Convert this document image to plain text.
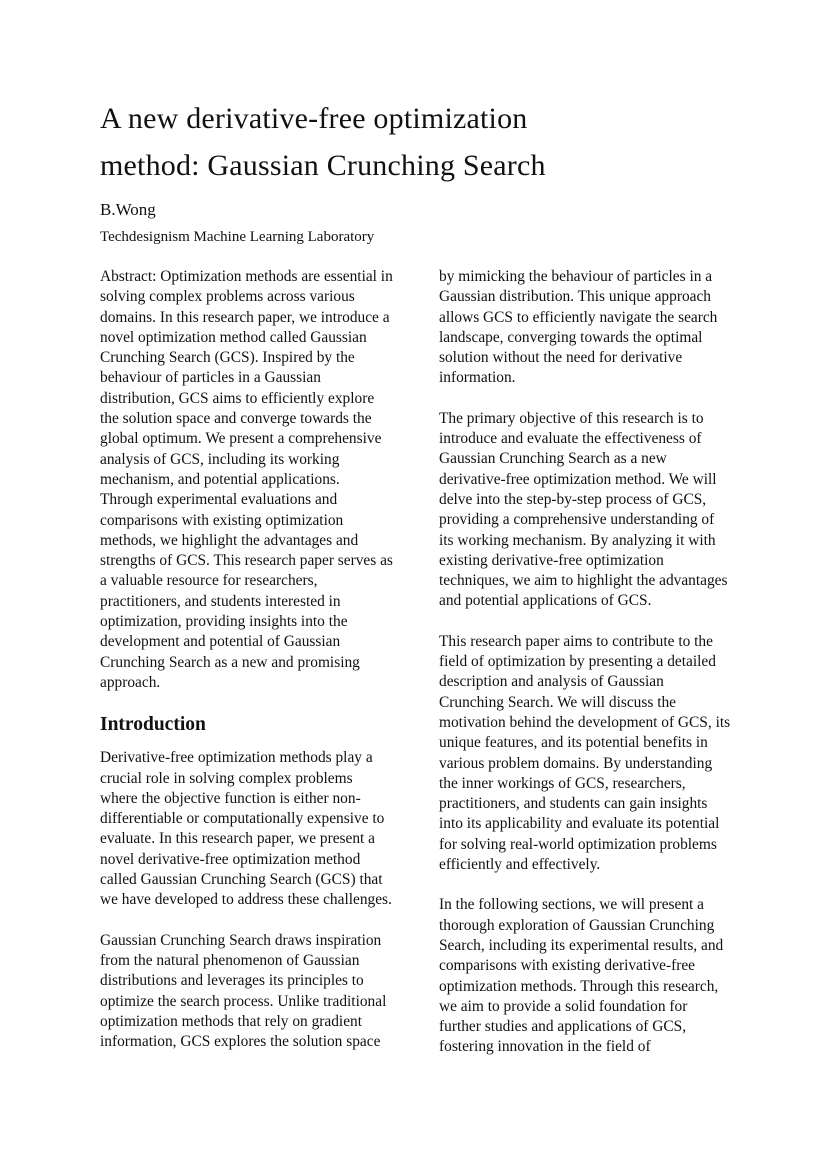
A new derivative-free optimization
method: Gaussian Crunching Search
B.Wong
Techdesignism Machine Learning Laboratory

Abstract: Optimization methods are essential in solving complex problems across various domains. In this research paper, we introduce a novel optimization method called Gaussian Crunching Search (GCS). Inspired by the behaviour of particles in a Gaussian distribution, GCS aims to efficiently explore the solution space and converge towards the global optimum. We present a comprehensive analysis of GCS, including its working mechanism, and potential applications. Through experimental evaluations and comparisons with existing optimization methods, we highlight the advantages and strengths of GCS. This research paper serves as a valuable resource for researchers, practitioners, and students interested in optimization, providing insights into the development and potential of Gaussian Crunching Search as a new and promising approach.

Introduction

Derivative-free optimization methods play a crucial role in solving complex problems where the objective function is either non-differentiable or computationally expensive to evaluate. In this research paper, we present a novel derivative-free optimization method called Gaussian Crunching Search (GCS) that we have developed to address these challenges.

Gaussian Crunching Search draws inspiration from the natural phenomenon of Gaussian distributions and leverages its principles to optimize the search process. Unlike traditional optimization methods that rely on gradient information, GCS explores the solution space

by mimicking the behaviour of particles in a Gaussian distribution. This unique approach allows GCS to efficiently navigate the search landscape, converging towards the optimal solution without the need for derivative information.

The primary objective of this research is to introduce and evaluate the effectiveness of Gaussian Crunching Search as a new derivative-free optimization method. We will delve into the step-by-step process of GCS, providing a comprehensive understanding of its working mechanism. By analyzing it with existing derivative-free optimization techniques, we aim to highlight the advantages and potential applications of GCS.

This research paper aims to contribute to the field of optimization by presenting a detailed description and analysis of Gaussian Crunching Search. We will discuss the motivation behind the development of GCS, its unique features, and its potential benefits in various problem domains. By understanding the inner workings of GCS, researchers, practitioners, and students can gain insights into its applicability and evaluate its potential for solving real-world optimization problems efficiently and effectively.

In the following sections, we will present a thorough exploration of Gaussian Crunching Search, including its experimental results, and comparisons with existing derivative-free optimization methods. Through this research, we aim to provide a solid foundation for further studies and applications of GCS, fostering innovation in the field of
